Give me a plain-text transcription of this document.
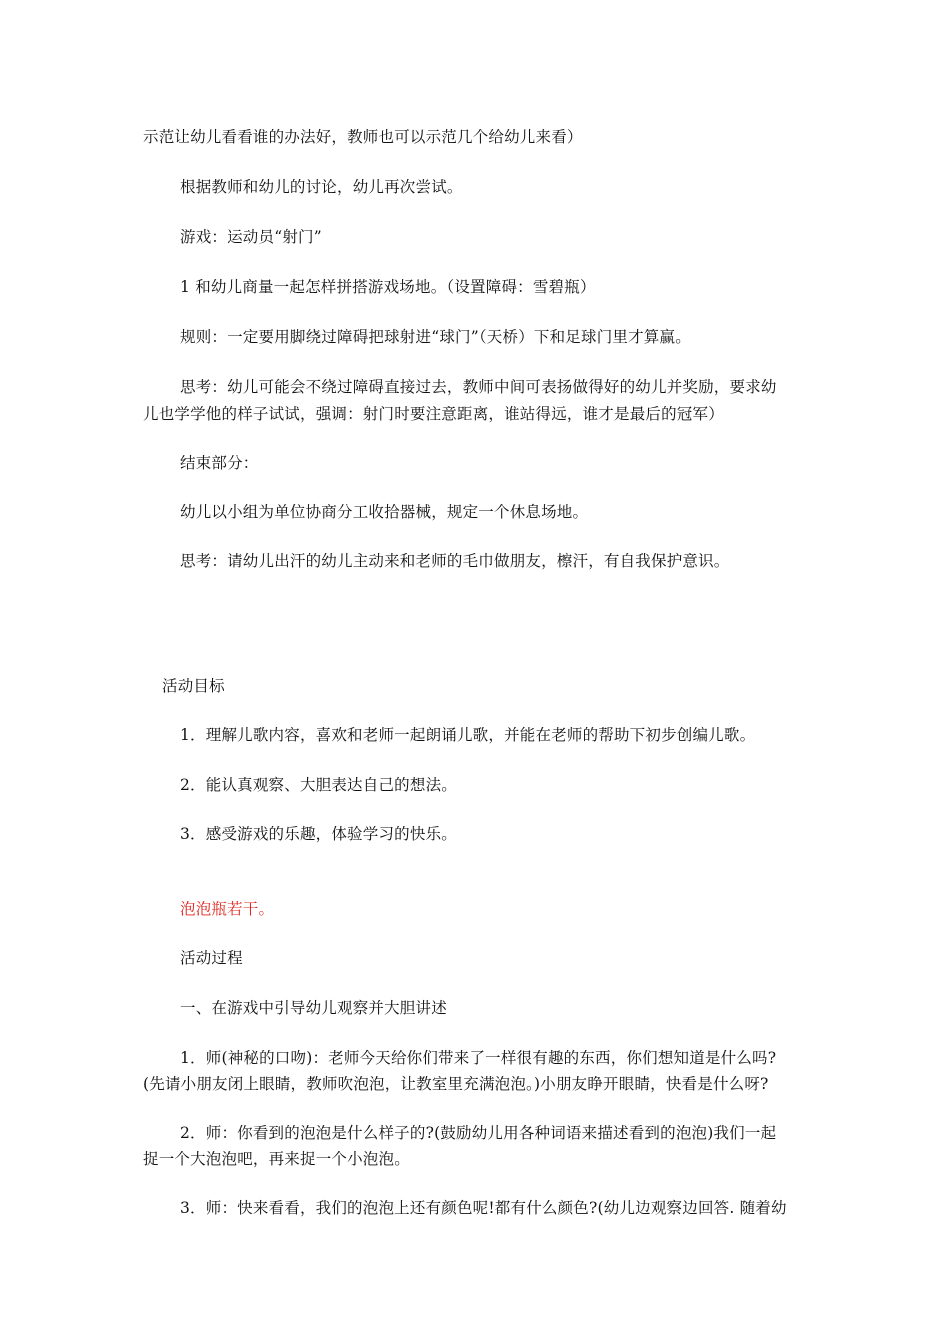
示范让幼儿看看谁的办法好，教师也可以示范几个给幼儿来看）
根据教师和幼儿的讨论，幼儿再次尝试。
游戏：运动员“射门”
1 和幼儿商量一起怎样拼搭游戏场地。（设置障碍：雪碧瓶）
规则：一定要用脚绕过障碍把球射进“球门”（天桥）下和足球门里才算赢。
思考：幼儿可能会不绕过障碍直接过去，教师中间可表扬做得好的幼儿并奖励，要求幼
儿也学学他的样子试试，强调：射门时要注意距离，谁站得远，谁才是最后的冠军）
结束部分：
幼儿以小组为单位协商分工收拾器械，规定一个休息场地。
思考：请幼儿出汗的幼儿主动来和老师的毛巾做朋友，檫汗，有自我保护意识。
活动目标
1．理解儿歌内容，喜欢和老师一起朗诵儿歌，并能在老师的帮助下初步创编儿歌。
2．能认真观察、大胆表达自己的想法。
3．感受游戏的乐趣，体验学习的快乐。
泡泡瓶若干。
活动过程
一、在游戏中引导幼儿观察并大胆讲述
1．师(神秘的口吻)：老师今天给你们带来了一样很有趣的东西，你们想知道是什么吗?
(先请小朋友闭上眼睛，教师吹泡泡，让教室里充满泡泡。)小朋友睁开眼睛，快看是什么呀?
2．师：你看到的泡泡是什么样子的?(鼓励幼儿用各种词语来描述看到的泡泡)我们一起
捉一个大泡泡吧，再来捉一个小泡泡。
3．师：快来看看，我们的泡泡上还有颜色呢!都有什么颜色?(幼儿边观察边回答. 随着幼
